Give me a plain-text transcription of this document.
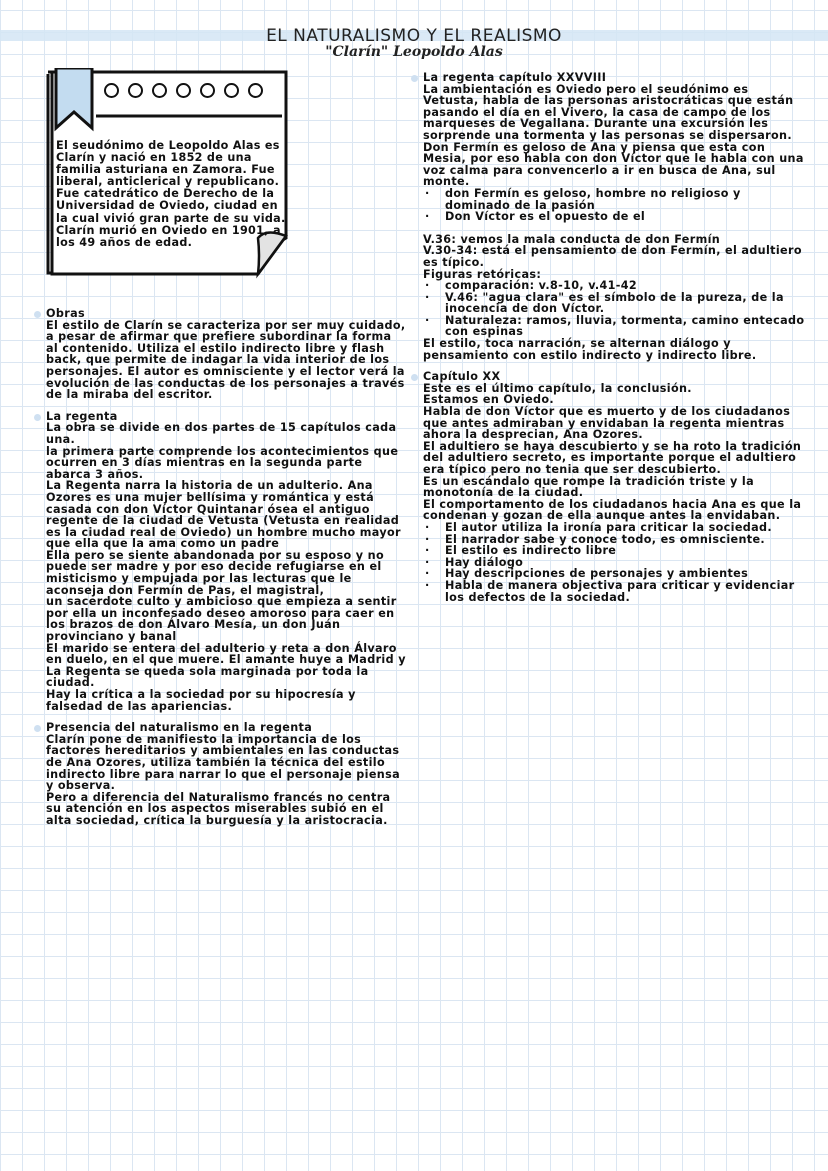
EL NATURALISMO Y EL REALISMO
"Clarín" Leopoldo Alas
El seudónimo de Leopoldo Alas es Clarín y nació en 1852 de una familia asturiana en Zamora. Fue liberal, anticlerical y republicano. Fue catedrático de Derecho de la Universidad de Oviedo, ciudad en la cual vivió gran parte de su vida. Clarín murió en Oviedo en 1901, a los 49 años de edad.

Obras

El estilo de Clarín se caracteriza por ser muy cuidado, a pesar de afirmar que prefiere subordinar la forma al contenido. Utiliza el estilo indirecto libre y flash back, que permite de indagar la vida interior de los personajes. El autor es omnisciente y el lector verá la evolución de las conductas de los personajes a través de la miraba del escritor.

La regenta

La obra se divide en dos partes de 15 capítulos cada una.

la primera parte comprende los acontecimientos que ocurren en 3 días mientras en la segunda parte abarca 3 años.

La Regenta narra la historia de un adulterio. Ana Ozores es una mujer bellísima y romántica y está casada con don Víctor Quintanar ósea el antiguo regente de la ciudad de Vetusta (Vetusta en realidad es la ciudad real de Oviedo) un hombre mucho mayor que ella que la ama como un padre

Ella pero se siente abandonada por su esposo y no puede ser madre y por eso decide refugiarse en el misticismo y empujada por las lecturas que le aconseja don Fermín de Pas, el magistral,

un sacerdote culto y ambicioso que empieza a sentir por ella un inconfesado deseo amoroso para caer en los brazos de don Álvaro Mesía, un don Juán provinciano y banal

El marido se entera del adulterio y reta a don Álvaro en duelo, en el que muere. El amante huye a Madrid y La Regenta se queda sola marginada por toda la ciudad.

Hay la crítica a la sociedad por su hipocresía y falsedad de las apariencias.

Presencia del naturalismo en la regenta

Clarín pone de manifiesto la importancia de los factores hereditarios y ambientales en las conductas de Ana Ozores, utiliza también la técnica del estilo indirecto libre para narrar lo que el personaje piensa y observa.

Pero a diferencia del Naturalismo francés no centra su atención en los aspectos miserables subió en el alta sociedad, crítica la burguesía y la aristocracia.

La regenta capítulo XXVVIII

La ambientación es Oviedo pero el seudónimo es Vetusta, habla de las personas aristocráticas que están pasando el día en el Vivero, la casa de campo de los marqueses de Vegallana. Durante una excursión les sorprende una tormenta y las personas se dispersaron.

Don Fermín es geloso de Ana y piensa que esta con Mesia, por eso habla con don Víctor que le habla con una voz calma para convencerlo a ir en busca de Ana, sul monte.

·	don Fermín es geloso, hombre no religioso y dominado de la pasión
·	Don Víctor es el opuesto de el

V.36: vemos la mala conducta de don Fermín

V.30-34: está el pensamiento de don Fermín, el adultiero es típico.

Figuras retóricas:

·	comparación: v.8-10, v.41-42
·	V.46: "agua clara" es el símbolo de la pureza, de la inocencia de don Víctor.
·	Naturaleza: ramos, lluvia, tormenta, camino entecado con espinas

El estilo, toca narración, se alternan diálogo y pensamiento con estilo indirecto y indirecto libre.

Capítulo XX

Este es el último capítulo, la conclusión.

Estamos en Oviedo.

Habla de don Víctor que es muerto y de los ciudadanos que antes admiraban y envidaban la regenta mientras ahora la desprecian, Ana Ozores.

El adultiero se haya descubierto y se ha roto la tradición del adultiero secreto, es importante porque el adultiero era típico pero no tenia que ser descubierto.

Es un escándalo que rompe la tradición triste y la monotonía de la ciudad.

El comportamento de los ciudadanos hacia Ana es que la condenan y gozan de ella aunque antes la envidaban.

·	El autor utiliza la ironía para criticar la sociedad.
·	El narrador sabe y conoce todo, es omnisciente.
·	El estilo es indirecto libre
·	Hay diálogo
·	Hay descripciones de personajes y ambientes
·	Habla de manera objectiva para criticar y evidenciar los defectos de la sociedad.
